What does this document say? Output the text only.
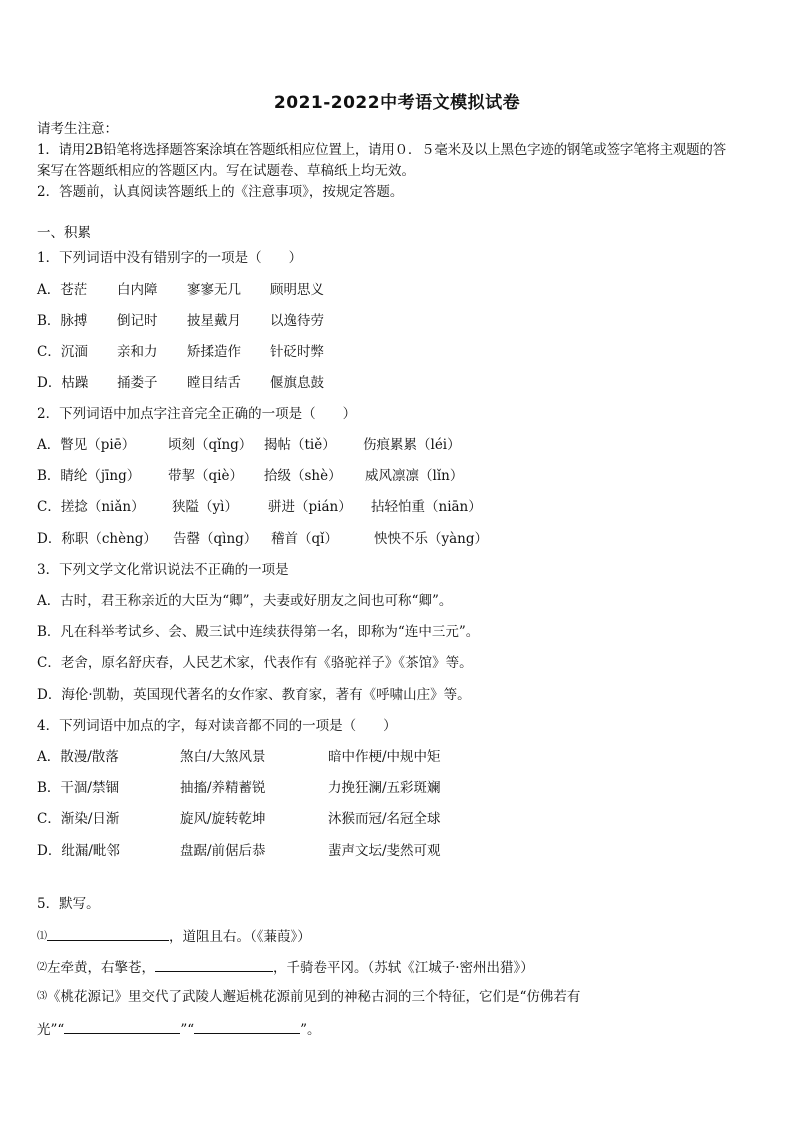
2021-2022中考语文模拟试卷
请考生注意：
1．请用2B铅笔将选择题答案涂填在答题纸相应位置上，请用０．５毫米及以上黑色字迹的钢笔或签字笔将主观题的答
案写在答题纸相应的答题区内。写在试题卷、草稿纸上均无效。
2．答题前，认真阅读答题纸上的《注意事项》，按规定答题。
一、积累
1．下列词语中没有错别字的一项是（　　）
A．苍茫 白内障 寥寥无几 顾明思义
B．脉搏 倒记时 披星戴月 以逸待劳
C．沉湎 亲和力 矫揉造作 针砭时弊
D．枯躁 捅娄子 瞠目结舌 偃旗息鼓
2．下列词语中加点字注音完全正确的一项是（　　）
A．瞥见（piē） 顷刻（qǐng） 揭帖（tiě） 伤痕累累（léi）
B．睛纶（jīng） 带挈（qiè） 拾级（shè） 威风凛凛（lǐn）
C．搓捻（niǎn） 狭隘（yì） 骈进（pián） 拈轻怕重（niān）
D．称职（chèng） 告罄（qìng） 稽首（qǐ）	怏怏不乐（yàng）
3．下列文学文化常识说法不正确的一项是
A．古时，君王称亲近的大臣为“卿”，夫妻或好朋友之间也可称“卿”。
B．凡在科举考试乡、会、殿三试中连续获得第一名，即称为“连中三元”。
C．老舍，原名舒庆春，人民艺术家，代表作有《骆驼祥子》《茶馆》等。
D．海伦·凯勒，英国现代著名的女作家、教育家，著有《呼啸山庄》等。
4．下列词语中加点的字，每对读音都不同的一项是（　　）
A．散漫/散落	煞白/大煞风景	暗中作梗/中规中矩
B．干涸/禁锢	抽搐/养精蓄锐	力挽狂澜/五彩斑斓
C．渐染/日渐	旋风/旋转乾坤	沐猴而冠/名冠全球
D．纰漏/毗邻	盘踞/前倨后恭	蜚声文坛/斐然可观
5．默写。
⑴	，道阻且右。（《蒹葭》）
⑵左牵黄，右擎苍，	，千骑卷平冈。（苏轼《江城子·密州出猎》）
⑶《桃花源记》里交代了武陵人邂逅桃花源前见到的神秘古洞的三个特征，它们是“仿佛若有
光”“	”“	”。
